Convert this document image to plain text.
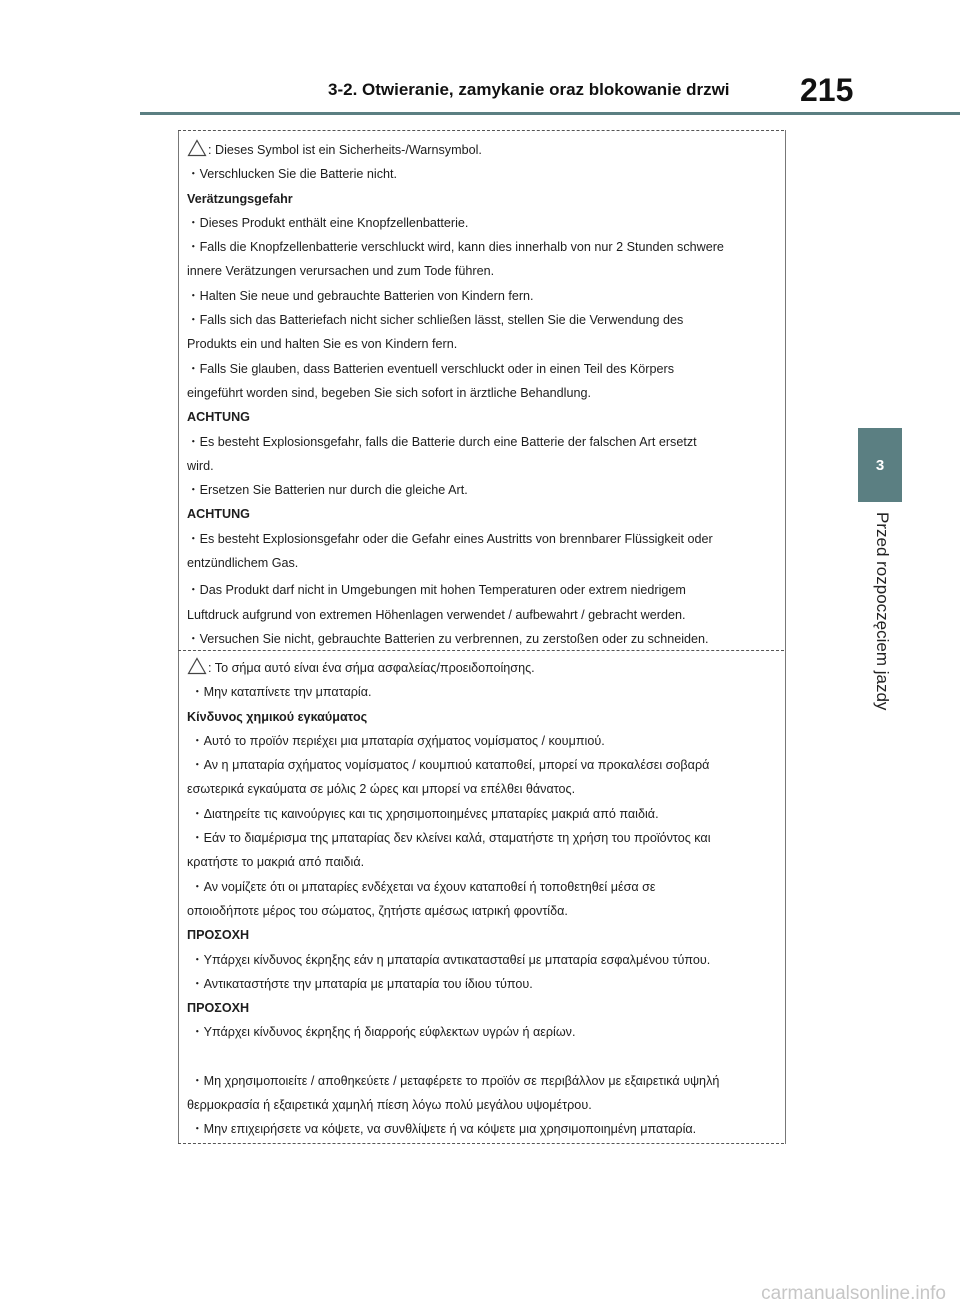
3-2. Otwieranie, zamykanie oraz blokowanie drzwi	215
3
Przed rozpoczęciem jazdy
: Dieses Symbol ist ein Sicherheits-/Warnsymbol.
・Verschlucken Sie die Batterie nicht.
Verätzungsgefahr
・Dieses Produkt enthält eine Knopfzellenbatterie.
・Falls die Knopfzellenbatterie verschluckt wird, kann dies innerhalb von nur 2 Stunden schwere
innere Verätzungen verursachen und zum Tode führen.
・Halten Sie neue und gebrauchte Batterien von Kindern fern.
・Falls sich das Batteriefach nicht sicher schließen lässt, stellen Sie die Verwendung des
Produkts ein und halten Sie es von Kindern fern.
・Falls Sie glauben, dass Batterien eventuell verschluckt oder in einen Teil des Körpers
eingeführt worden sind, begeben Sie sich sofort in ärztliche Behandlung.
ACHTUNG
・Es besteht Explosionsgefahr, falls die Batterie durch eine Batterie der falschen Art ersetzt
wird.
・Ersetzen Sie Batterien nur durch die gleiche Art.
ACHTUNG
・Es besteht Explosionsgefahr oder die Gefahr eines Austritts von brennbarer Flüssigkeit oder
entzündlichem Gas.
・Das Produkt darf nicht in Umgebungen mit hohen Temperaturen oder extrem niedrigem
Luftdruck aufgrund von extremen Höhenlagen verwendet / aufbewahrt / gebracht werden.
・Versuchen Sie nicht, gebrauchte Batterien zu verbrennen, zu zerstoßen oder zu schneiden.
: Το σήμα αυτό είναι ένα σήμα ασφαλείας/προειδοποίησης.
・Μην καταπίνετε την μπαταρία.
Κίνδυνος χημικού εγκαύματος
・Αυτό το προϊόν περιέχει μια μπαταρία σχήματος νομίσματος / κουμπιού.
・Αν η μπαταρία σχήματος νομίσματος / κουμπιού καταποθεί, μπορεί να προκαλέσει σοβαρά
εσωτερικά εγκαύματα σε μόλις 2 ώρες και μπορεί να επέλθει θάνατος.
・Διατηρείτε τις καινούργιες και τις χρησιμοποιημένες μπαταρίες μακριά από παιδιά.
・Εάν το διαμέρισμα της μπαταρίας δεν κλείνει καλά, σταματήστε τη χρήση του προϊόντος και
κρατήστε το μακριά από παιδιά.
・Αν νομίζετε ότι οι μπαταρίες ενδέχεται να έχουν καταποθεί ή τοποθετηθεί μέσα σε
οποιοδήποτε μέρος του σώματος, ζητήστε αμέσως ιατρική φροντίδα.
ΠΡΟΣΟΧΗ
・Υπάρχει κίνδυνος έκρηξης εάν η μπαταρία αντικατασταθεί με μπαταρία εσφαλμένου τύπου.
・Αντικαταστήστε την μπαταρία με μπαταρία του ίδιου τύπου.
ΠΡΟΣΟΧΗ
・Υπάρχει κίνδυνος έκρηξης ή διαρροής εύφλεκτων υγρών ή αερίων.
・Μη χρησιμοποιείτε / αποθηκεύετε / μεταφέρετε το προϊόν σε περιβάλλον με εξαιρετικά υψηλή
θερμοκρασία ή εξαιρετικά χαμηλή πίεση λόγω πολύ μεγάλου υψομέτρου.
・Μην επιχειρήσετε να κόψετε, να συνθλίψετε ή να κόψετε μια χρησιμοποιημένη μπαταρία.
carmanualsonline.info
